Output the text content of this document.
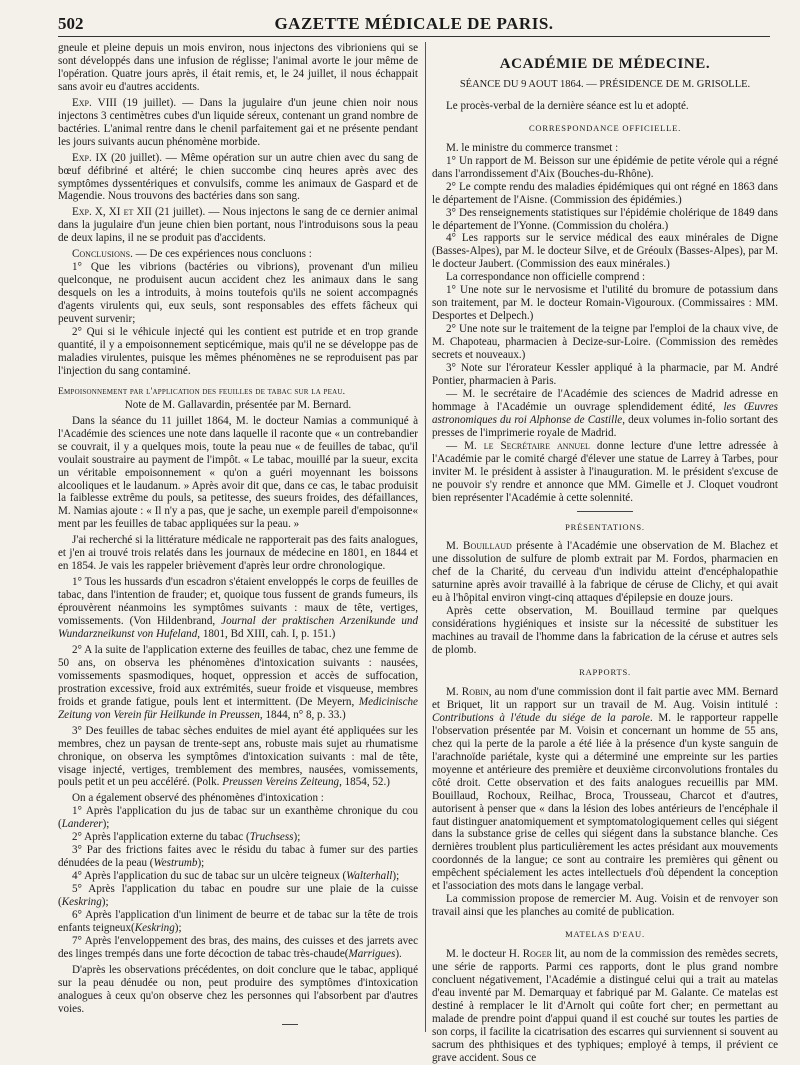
502	GAZETTE MÉDICALE DE PARIS.

gneule et pleine depuis un mois environ, nous injectons des vibrioniens qui se sont développés dans une infusion de réglisse; l'animal avorte le jour même de l'opération. Quatre jours après, il était remis, et, le 24 juillet, il nous échappait sans avoir eu d'autres accidents.

Exp. VIII (19 juillet). — Dans la jugulaire d'un jeune chien noir nous injectons 3 centimètres cubes d'un liquide séreux, contenant un grand nombre de bactéries. L'animal rentre dans le chenil parfaitement gai et ne présente pendant les jours suivants aucun phénomène morbide.

Exp. IX (20 juillet). — Même opération sur un autre chien avec du sang de bœuf défibriné et altéré; le chien succombe cinq heures après avec des symptômes dyssentériques et convulsifs, comme les animaux de Gaspard et de Magendie. Nous trouvons des bactéries dans son sang.

Exp. X, XI et XII (21 juillet). — Nous injectons le sang de ce dernier animal dans la jugulaire d'un jeune chien bien portant, nous l'introduisons sous la peau de deux lapins, il ne se produit pas d'accidents.

Conclusions. — De ces expériences nous concluons :

1° Que les vibrions (bactéries ou vibrions), provenant d'un milieu quelconque, ne produisent aucun accident chez les animaux dans le sang desquels on les a introduits, à moins toutefois qu'ils ne soient accompagnés d'agents virulents qui, eux seuls, sont responsables des effets fâcheux qui peuvent survenir;

2° Qui si le véhicule injecté qui les contient est putride et en trop grande quantité, il y a empoisonnement septicémique, mais qu'il ne se développe pas de maladies virulentes, puisque les mêmes phénomènes ne se reproduisent pas par l'injection du sang contaminé.

Empoisonnement par l'application des feuilles de tabac sur la peau.

Note de M. Gallavardin, présentée par M. Bernard.

Dans la séance du 11 juillet 1864, M. le docteur Namias a communiqué à l'Académie des sciences une note dans laquelle il raconte que « un contrebandier se couvrait, il y a quelques mois, toute la peau nue « de feuilles de tabac, qu'il voulait soustraire au payment de l'impôt. « Le tabac, mouillé par la sueur, excita un véritable empoisonnement « qu'on a guéri moyennant les boissons alcooliques et le laudanum. » Après avoir dit que, dans ce cas, le tabac produisit la faiblesse extrême du pouls, sa petitesse, des sueurs froides, des défaillances, M. Namias ajoute : « Il n'y a pas, que je sache, un exemple pareil d'empoisonne« ment par les feuilles de tabac appliquées sur la peau. »

J'ai recherché si la littérature médicale ne rapporterait pas des faits analogues, et j'en ai trouvé trois relatés dans les journaux de médecine en 1801, en 1844 et en 1854. Je vais les rappeler brièvement d'après leur ordre chronologique.

1° Tous les hussards d'un escadron s'étaient enveloppés le corps de feuilles de tabac, dans l'intention de frauder; et, quoique tous fussent de grands fumeurs, ils éprouvèrent néanmoins les symptômes suivants : maux de tête, vertiges, vomissements. (Von Hildenbrand, Journal der praktischen Arzenikunde und Wundarzneikunst von Hufeland, 1801, Bd XIII, cah. I, p. 151.)

2° A la suite de l'application externe des feuilles de tabac, chez une femme de 50 ans, on observa les phénomènes d'intoxication suivants : nausées, vomissements spasmodiques, hoquet, oppression et accès de suffocation, prostration excessive, froid aux extrémités, sueur froide et visqueuse, membres froids et grande fatigue, pouls lent et intermittent. (De Meyern, Medicinische Zeitung von Verein für Heilkunde in Preussen, 1844, n° 8, p. 33.)

3° Des feuilles de tabac sèches enduites de miel ayant été appliquées sur les membres, chez un paysan de trente-sept ans, robuste mais sujet au rhumatisme chronique, on observa les symptômes d'intoxication suivants : mal de tête, visage injecté, vertiges, tremblement des membres, nausées, vomissements, pouls petit et un peu accéléré. (Polk. Preussen Vereins Zeiteung, 1854, 52.)

On a également observé des phénomènes d'intoxication :

1° Après l'application du jus de tabac sur un exanthème chronique du cou (Landerer);

2° Après l'application externe du tabac (Truchsess);

3° Par des frictions faites avec le résidu du tabac à fumer sur des parties dénudées de la peau (Westrumb);

4° Après l'application du suc de tabac sur un ulcère teigneux (Walterhall);

5° Après l'application du tabac en poudre sur une plaie de la cuisse (Keskring);

6° Après l'application d'un liniment de beurre et de tabac sur la tête de trois enfants teigneux(Keskring);

7° Après l'enveloppement des bras, des mains, des cuisses et des jarrets avec des linges trempés dans une forte décoction de tabac très-chaude(Marrigues).

D'après les observations précédentes, on doit conclure que le tabac, appliqué sur la peau dénudée ou non, peut produire des symptômes d'intoxication analogues à ceux qu'on observe chez les personnes qui l'absorbent par d'autres voies.

ACADÉMIE DE MÉDECINE.
SÉANCE DU 9 AOUT 1864. — PRÉSIDENCE DE M. GRISOLLE.

Le procès-verbal de la dernière séance est lu et adopté.

CORRESPONDANCE OFFICIELLE.

M. le ministre du commerce transmet :

1° Un rapport de M. Beisson sur une épidémie de petite vérole qui a régné dans l'arrondissement d'Aix (Bouches-du-Rhône).

2° Le compte rendu des maladies épidémiques qui ont régné en 1863 dans le département de l'Aisne. (Commission des épidémies.)

3° Des renseignements statistiques sur l'épidémie cholérique de 1849 dans le département de l'Yonne. (Commission du choléra.)

4° Les rapports sur le service médical des eaux minérales de Digne (Basses-Alpes), par M. le docteur Silve, et de Gréoulx (Basses-Alpes), par M. le docteur Jaubert. (Commission des eaux minérales.)

La correspondance non officielle comprend :

1° Une note sur le nervosisme et l'utilité du bromure de potassium dans son traitement, par M. le docteur Romain-Vigouroux. (Commissaires : MM. Desportes et Delpech.)

2° Une note sur le traitement de la teigne par l'emploi de la chaux vive, de M. Chapoteau, pharmacien à Decize-sur-Loire. (Commission des remèdes secrets et nouveaux.)

3° Note sur l'érorateur Kessler appliqué à la pharmacie, par M. André Pontier, pharmacien à Paris.

— M. le secrétaire de l'Académie des sciences de Madrid adresse en hommage à l'Académie un ouvrage splendidement édité, les Œuvres astronomiques du roi Alphonse de Castille, deux volumes in-folio sortant des presses de l'imprimerie royale de Madrid.

— M. le Secrétaire annuel donne lecture d'une lettre adressée à l'Académie par le comité chargé d'élever une statue de Larrey à Tarbes, pour inviter M. le président à assister à l'inauguration. M. le président s'excuse de ne pouvoir s'y rendre et annonce que MM. Gimelle et J. Cloquet voudront bien représenter l'Académie à cette solennité.

PRÉSENTATIONS.

M. Bouillaud présente à l'Académie une observation de M. Blachez et une dissolution de sulfure de plomb extrait par M. Fordos, pharmacien en chef de la Charité, du cerveau d'un individu atteint d'encéphalopathie saturnine après avoir travaillé à la fabrique de céruse de Clichy, et qui avait eu à l'hôpital environ vingt-cinq attaques d'épilepsie en douze jours.

Après cette observation, M. Bouillaud termine par quelques considérations hygiéniques et insiste sur la nécessité de substituer les machines au travail de l'homme dans la fabrication de la céruse et autres sels de plomb.

RAPPORTS.

M. Robin, au nom d'une commission dont il fait partie avec MM. Bernard et Briquet, lit un rapport sur un travail de M. Aug. Voisin intitulé : Contributions à l'étude du siége de la parole. M. le rapporteur rappelle l'observation présentée par M. Voisin et concernant un homme de 55 ans, chez qui la perte de la parole a été liée à la présence d'un kyste sanguin de l'arachnoïde pariétale, kyste qui a déterminé une empreinte sur les parties moyenne et antérieure des première et deuxième circonvolutions frontales du côté droit. Cette observation et des faits analogues recueillis par MM. Bouillaud, Rochoux, Reilhac, Broca, Trousseau, Charcot et d'autres, autorisent à penser que « dans la lésion des lobes antérieurs de l'encéphale il faut distinguer anatomiquement et symptomatologiquement celles qui siégent dans la substance grise de celles qui siégent dans la substance blanche. Ces dernières troublent plus particulièrement les actes présidant aux mouvements coordonnés de la langue; ce sont au contraire les premières qui gênent ou empêchent spécialement les actes intellectuels d'où dépendent la conception et l'association des mots dans le langage verbal.

La commission propose de remercier M. Aug. Voisin et de renvoyer son travail ainsi que les planches au comité de publication.

MATELAS D'EAU.

M. le docteur H. Roger lit, au nom de la commission des remèdes secrets, une série de rapports. Parmi ces rapports, dont le plus grand nombre concluent négativement, l'Académie a distingué celui qui a trait au matelas d'eau inventé par M. Demarquay et fabriqué par M. Galante. Ce matelas est destiné à remplacer le lit d'Arnolt qui coûte fort cher; en permettant au malade de prendre point d'appui quand il est couché sur toutes les parties de son corps, il facilite la cicatrisation des escarres qui surviennent si souvent au sacrum des phthisiques et des typhiques; employé à temps, il prévient ce grave accident. Sous ce
